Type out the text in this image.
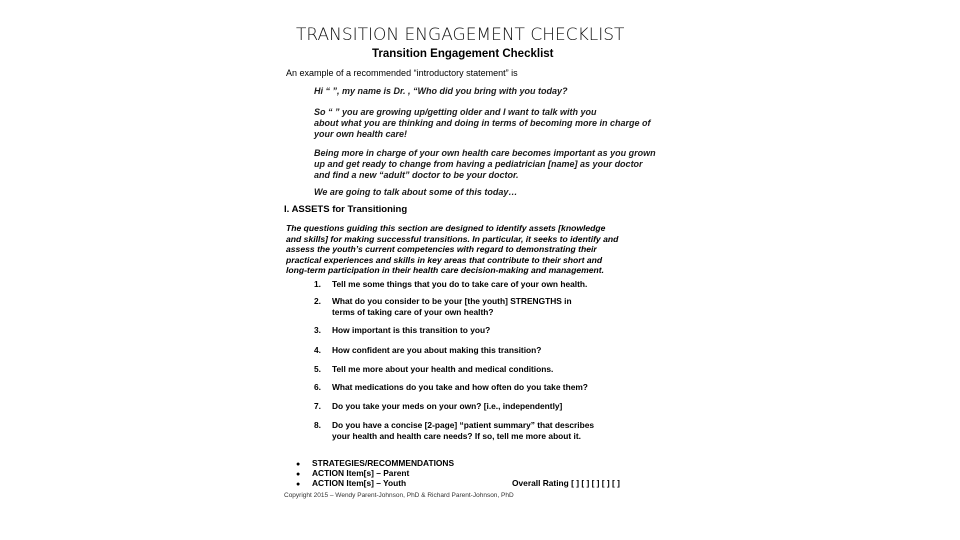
TRANSITION ENGAGEMENT CHECKLIST
Transition Engagement Checklist
An example of a recommended “introductory statement” is
Hi “ ”, my name is Dr. , “Who did you bring with you today?
So “ ” you are growing up/getting older and I want to talk with you
about what you are thinking and doing in terms of becoming more in charge of
your own health care!
Being more in charge of your own health care becomes important as you grown
up and get ready to change from having a pediatrician [name] as your doctor
and find a new “adult” doctor to be your doctor.
We are going to talk about some of this today…
I. ASSETS for Transitioning
The questions guiding this section are designed to identify assets [knowledge
and skills] for making successful transitions. In particular, it seeks to identify and
assess the youth’s current competencies with regard to demonstrating their
practical experiences and skills in key areas that contribute to their short and
long-term participation in their health care decision-making and management.
1. Tell me some things that you do to take care of your own health.
2. What do you consider to be your [the youth] STRENGTHS in
terms of taking care of your own health?
3. How important is this transition to you?
4. How confident are you about making this transition?
5. Tell me more about your health and medical conditions.
6. What medications do you take and how often do you take them?
7. Do you take your meds on your own? [i.e., independently]
8. Do you have a concise [2-page] “patient summary” that describes
your health and health care needs? If so, tell me more about it.
● STRATEGIES/RECOMMENDATIONS
● ACTION Item[s] – Parent
● ACTION Item[s] – Youth	Overall Rating [ ] [ ] [ ] [ ] [ ]
Copyright 2015 – Wendy Parent-Johnson, PhD & Richard Parent-Johnson, PhD
